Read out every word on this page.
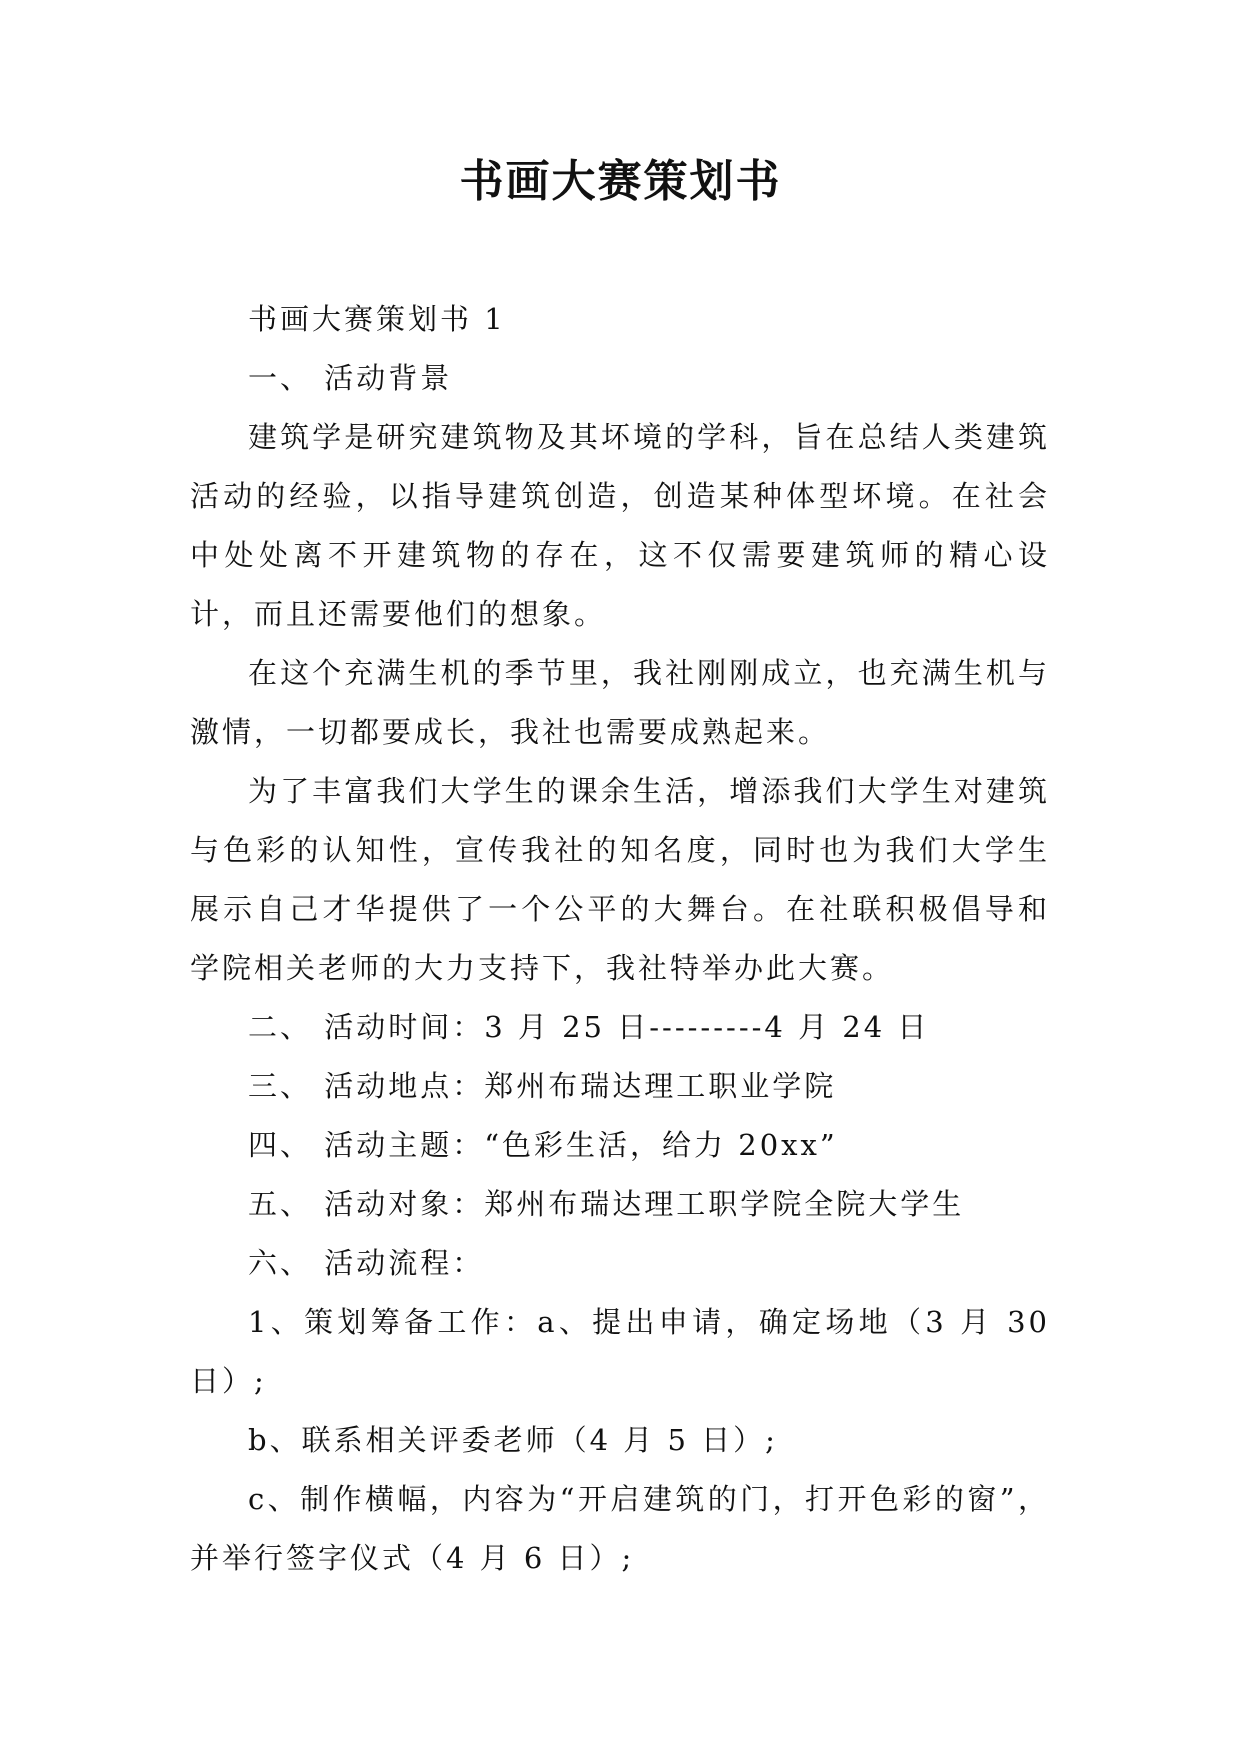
书画大赛策划书

书画大赛策划书 1

一、 活动背景

建筑学是研究建筑物及其坏境的学科，旨在总结人类建筑活动的经验，以指导建筑创造，创造某种体型坏境。在社会中处处离不开建筑物的存在，这不仅需要建筑师的精心设计，而且还需要他们的想象。

在这个充满生机的季节里，我社刚刚成立，也充满生机与激情，一切都要成长，我社也需要成熟起来。

为了丰富我们大学生的课余生活，增添我们大学生对建筑与色彩的认知性，宣传我社的知名度，同时也为我们大学生展示自己才华提供了一个公平的大舞台。在社联积极倡导和学院相关老师的大力支持下，我社特举办此大赛。

二、 活动时间：3 月 25 日---------4 月 24 日

三、 活动地点：郑州布瑞达理工职业学院

四、 活动主题：“色彩生活，给力 20xx”

五、 活动对象：郑州布瑞达理工职学院全院大学生

六、 活动流程：

1、策划筹备工作：a、提出申请，确定场地（3 月 30 日）;

b、联系相关评委老师（4 月 5 日）;

c、制作横幅，内容为“开启建筑的门，打开色彩的窗”，并举行签字仪式（4 月 6 日）;
